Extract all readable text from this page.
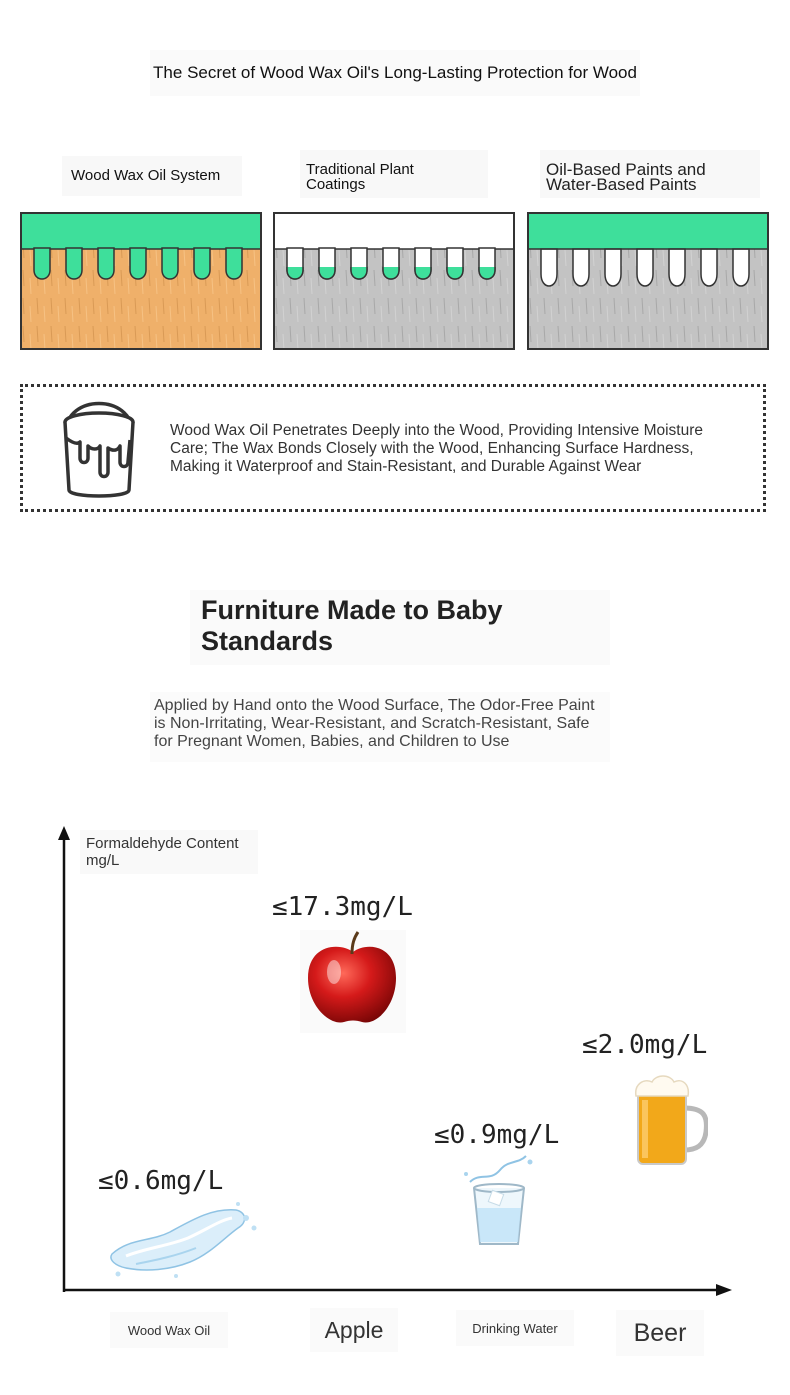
The Secret of Wood Wax Oil's Long-Lasting Protection for Wood
Wood Wax Oil System	Traditional Plant
Coatings
Oil-Based Paints and
Water-Based Paints
Wood Wax Oil Penetrates Deeply into the Wood, Providing Intensive Moisture Care; The Wax Bonds Closely with the Wood, Enhancing Surface Hardness, Making it Waterproof and Stain-Resistant, and Durable Against Wear
Furniture Made to Baby Standards
Applied by Hand onto the Wood Surface, The Odor-Free Paint is Non-Irritating, Wear-Resistant, and Scratch-Resistant, Safe for Pregnant Women, Babies, and Children to Use
Formaldehyde Content mg/L
≤0.6mg/L
≤17.3mg/L
≤0.9mg/L
≤2.0mg/L
Wood Wax Oil	Apple	Drinking Water	Beer
